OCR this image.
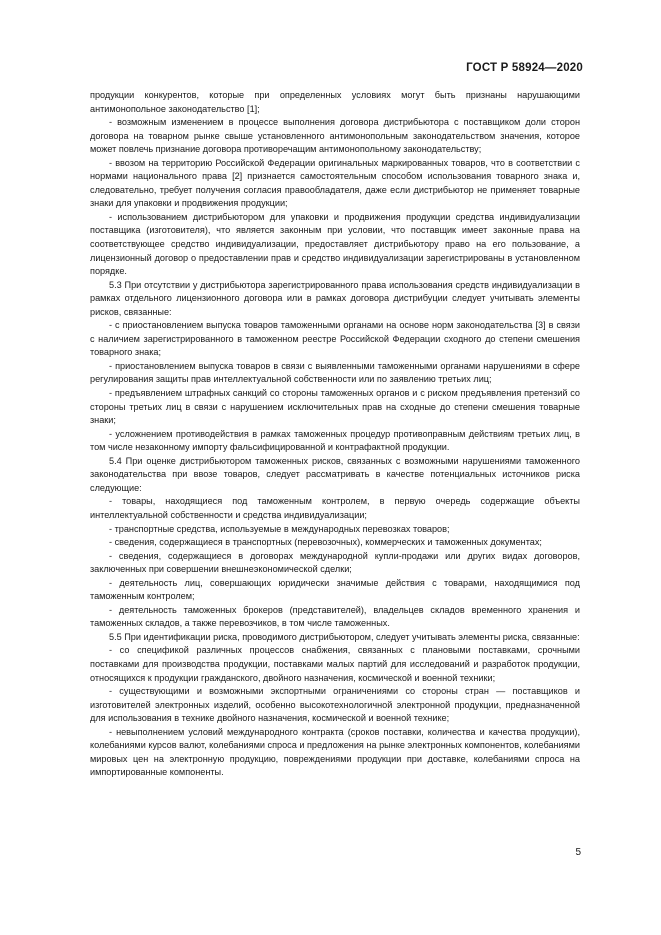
ГОСТ Р 58924—2020

продукции конкурентов, которые при определенных условиях могут быть признаны нарушающими антимонопольное законодательство [1];

- возможным изменением в процессе выполнения договора дистрибьютора с поставщиком доли сторон договора на товарном рынке свыше установленного антимонопольным законодательством значения, которое может повлечь признание договора противоречащим антимонопольному законодательству;

- ввозом на территорию Российской Федерации оригинальных маркированных товаров, что в соответствии с нормами национального права [2] признается самостоятельным способом использования товарного знака и, следовательно, требует получения согласия правообладателя, даже если дистрибьютор не применяет товарные знаки для упаковки и продвижения продукции;

- использованием дистрибьютором для упаковки и продвижения продукции средства индивидуализации поставщика (изготовителя), что является законным при условии, что поставщик имеет законные права на соответствующее средство индивидуализации, предоставляет дистрибьютору право на его пользование, а лицензионный договор о предоставлении прав и средство индивидуализации зарегистрированы в установленном порядке.

5.3 При отсутствии у дистрибьютора зарегистрированного права использования средств индивидуализации в рамках отдельного лицензионного договора или в рамках договора дистрибуции следует учитывать элементы рисков, связанные:

- с приостановлением выпуска товаров таможенными органами на основе норм законодательства [3] в связи с наличием зарегистрированного в таможенном реестре Российской Федерации сходного до степени смешения товарного знака;

- приостановлением выпуска товаров в связи с выявленными таможенными органами нарушениями в сфере регулирования защиты прав интеллектуальной собственности или по заявлению третьих лиц;

- предъявлением штрафных санкций со стороны таможенных органов и с риском предъявления претензий со стороны третьих лиц в связи с нарушением исключительных прав на сходные до степени смешения товарные знаки;

- усложнением противодействия в рамках таможенных процедур противоправным действиям третьих лиц, в том числе незаконному импорту фальсифицированной и контрафактной продукции.

5.4 При оценке дистрибьютором таможенных рисков, связанных с возможными нарушениями таможенного законодательства при ввозе товаров, следует рассматривать в качестве потенциальных источников риска следующие:

- товары, находящиеся под таможенным контролем, в первую очередь содержащие объекты интеллектуальной собственности и средства индивидуализации;

- транспортные средства, используемые в международных перевозках товаров;

- сведения, содержащиеся в транспортных (перевозочных), коммерческих и таможенных документах;

- сведения, содержащиеся в договорах международной купли-продажи или других видах договоров, заключенных при совершении внешнеэкономической сделки;

- деятельность лиц, совершающих юридически значимые действия с товарами, находящимися под таможенным контролем;

- деятельность таможенных брокеров (представителей), владельцев складов временного хранения и таможенных складов, а также перевозчиков, в том числе таможенных.

5.5 При идентификации риска, проводимого дистрибьютором, следует учитывать элементы риска, связанные:

- со спецификой различных процессов снабжения, связанных с плановыми поставками, срочными поставками для производства продукции, поставками малых партий для исследований и разработок продукции, относящихся к продукции гражданского, двойного назначения, космической и военной техники;

- существующими и возможными экспортными ограничениями со стороны стран — поставщиков и изготовителей электронных изделий, особенно высокотехнологичной электронной продукции, предназначенной для использования в технике двойного назначения, космической и военной технике;

- невыполнением условий международного контракта (сроков поставки, количества и качества продукции), колебаниями курсов валют, колебаниями спроса и предложения на рынке электронных компонентов, колебаниями мировых цен на электронную продукцию, повреждениями продукции при доставке, колебаниями спроса на импортированные компоненты.

5
